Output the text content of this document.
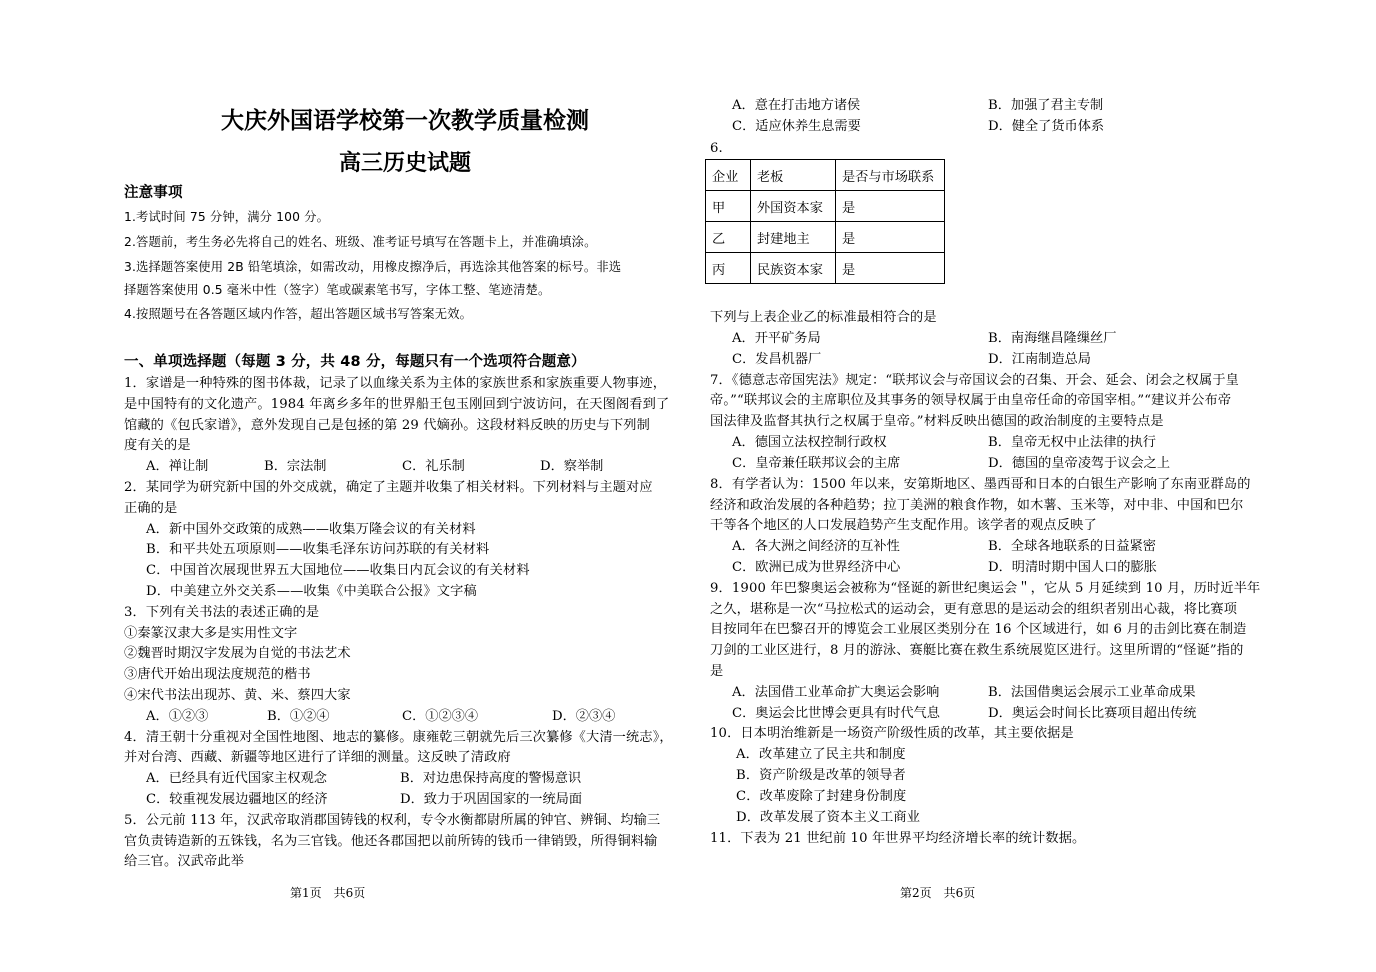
大庆外国语学校第一次教学质量检测
高三历史试题
注意事项
1.考试时间 75 分钟，满分 100 分。
2.答题前，考生务必先将自己的姓名、班级、准考证号填写在答题卡上，并准确填涂。
3.选择题答案使用 2B 铅笔填涂，如需改动，用橡皮擦净后，再选涂其他答案的标号。非选
择题答案使用 0.5 毫米中性（签字）笔或碳素笔书写，字体工整、笔迹清楚。
4.按照题号在各答题区域内作答，超出答题区域书写答案无效。
一、单项选择题（每题 3 分，共 48 分，每题只有一个选项符合题意）
1．家谱是一种特殊的图书体裁，记录了以血缘关系为主体的家族世系和家族重要人物事迹，
是中国特有的文化遗产。1984 年离乡多年的世界船王包玉刚回到宁波访问，在天图阁看到了
馆藏的《包氏家谱》，意外发现自己是包拯的第 29 代嫡孙。这段材料反映的历史与下列制
度有关的是
A．禅让制	B．宗法制	C．礼乐制	D．察举制
2．某同学为研究新中国的外交成就，确定了主题并收集了相关材料。下列材料与主题对应
正确的是
A．新中国外交政策的成熟——收集万隆会议的有关材料
B．和平共处五项原则——收集毛泽东访问苏联的有关材料
C．中国首次展现世界五大国地位——收集日内瓦会议的有关材料
D．中美建立外交关系——收集《中美联合公报》文字稿
3．下列有关书法的表述正确的是
①秦篆汉隶大多是实用性文字
②魏晋时期汉字发展为自觉的书法艺术
③唐代开始出现法度规范的楷书
④宋代书法出现苏、黄、米、蔡四大家
A．①②③	B．①②④	C．①②③④	D．②③④
4．清王朝十分重视对全国性地图、地志的纂修。康雍乾三朝就先后三次纂修《大清一统志》，
并对台湾、西藏、新疆等地区进行了详细的测量。这反映了清政府
A．已经具有近代国家主权观念	B．对边患保持高度的警惕意识
C．较重视发展边疆地区的经济	D．致力于巩固国家的一统局面
5．公元前 113 年，汉武帝取消郡国铸钱的权利，专令水衡都尉所属的钟官、辨铜、均输三
官负责铸造新的五铢钱，名为三官钱。他还各郡国把以前所铸的钱币一律销毁，所得铜料输
给三官。汉武帝此举
第1页　共6页
A．意在打击地方诸侯	B．加强了君主专制
C．适应休养生息需要	D．健全了货币体系
6.
企业	老板	是否与市场联系
甲	外国资本家	是
乙	封建地主	是
丙	民族资本家	是
下列与上表企业乙的标准最相符合的是
A．开平矿务局	B．南海继昌隆缫丝厂
C．发昌机器厂	D．江南制造总局
7．《德意志帝国宪法》规定：“联邦议会与帝国议会的召集、开会、延会、闭会之权属于皇
帝。”“联邦议会的主席职位及其事务的领导权属于由皇帝任命的帝国宰相。”“建议并公布帝
国法律及监督其执行之权属于皇帝。”材料反映出德国的政治制度的主要特点是
A．德国立法权控制行政权	B．皇帝无权中止法律的执行
C．皇帝兼任联邦议会的主席	D．德国的皇帝凌驾于议会之上
8．有学者认为：1500 年以来，安第斯地区、墨西哥和日本的白银生产影响了东南亚群岛的
经济和政治发展的各种趋势；拉丁美洲的粮食作物，如木薯、玉米等，对中非、中国和巴尔
干等各个地区的人口发展趋势产生支配作用。该学者的观点反映了
A．各大洲之间经济的互补性	B．全球各地联系的日益紧密
C．欧洲已成为世界经济中心	D．明清时期中国人口的膨胀
9．1900 年巴黎奥运会被称为“怪诞的新世纪奥运会＂，它从 5 月延续到 10 月，历时近半年
之久，堪称是一次“马拉松式的运动会，更有意思的是运动会的组织者别出心裁，将比赛项
目按同年在巴黎召开的博览会工业展区类别分在 16 个区域进行，如 6 月的击剑比赛在制造
刀剑的工业区进行，8 月的游泳、赛艇比赛在救生系统展览区进行。这里所谓的“怪诞”指的
是
A．法国借工业革命扩大奥运会影响	B．法国借奥运会展示工业革命成果
C．奥运会比世博会更具有时代气息	D．奥运会时间长比赛项目超出传统
10．日本明治维新是一场资产阶级性质的改革，其主要依据是
A．改革建立了民主共和制度
B．资产阶级是改革的领导者
C．改革废除了封建身份制度
D．改革发展了资本主义工商业
11．下表为 21 世纪前 10 年世界平均经济增长率的统计数据。
第2页　共6页
